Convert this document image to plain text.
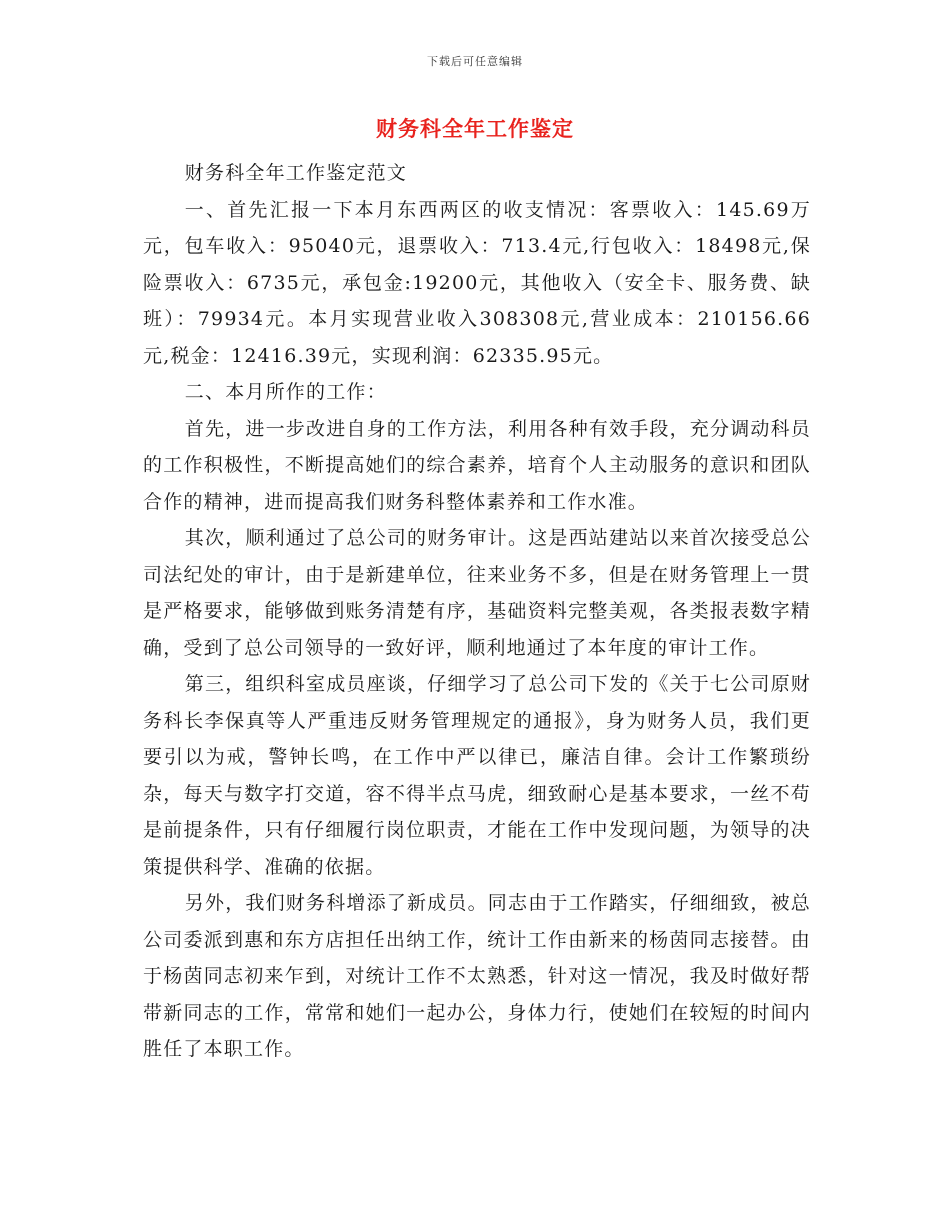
下载后可任意编辑
财务科全年工作鉴定

财务科全年工作鉴定范文

一、首先汇报一下本月东西两区的收支情况：客票收入：145.69万元，包车收入：95040元，退票收入：713.4元,行包收入：18498元,保险票收入：6735元，承包金:19200元，其他收入（安全卡、服务费、缺班）：79934元。本月实现营业收入308308元,营业成本：210156.66元,税金：12416.39元，实现利润：62335.95元。

二、本月所作的工作：

首先，进一步改进自身的工作方法，利用各种有效手段，充分调动科员的工作积极性，不断提高她们的综合素养，培育个人主动服务的意识和团队合作的精神，进而提高我们财务科整体素养和工作水准。

其次，顺利通过了总公司的财务审计。这是西站建站以来首次接受总公司法纪处的审计，由于是新建单位，往来业务不多，但是在财务管理上一贯是严格要求，能够做到账务清楚有序，基础资料完整美观，各类报表数字精确，受到了总公司领导的一致好评，顺利地通过了本年度的审计工作。

第三，组织科室成员座谈，仔细学习了总公司下发的《关于七公司原财务科长李保真等人严重违反财务管理规定的通报》，身为财务人员，我们更要引以为戒，警钟长鸣，在工作中严以律已，廉洁自律。会计工作繁琐纷杂，每天与数字打交道，容不得半点马虎，细致耐心是基本要求，一丝不苟是前提条件，只有仔细履行岗位职责，才能在工作中发现问题，为领导的决策提供科学、准确的依据。

另外，我们财务科增添了新成员。同志由于工作踏实，仔细细致，被总公司委派到惠和东方店担任出纳工作，统计工作由新来的杨茵同志接替。由于杨茵同志初来乍到，对统计工作不太熟悉，针对这一情况，我及时做好帮带新同志的工作，常常和她们一起办公，身体力行，使她们在较短的时间内胜任了本职工作。
